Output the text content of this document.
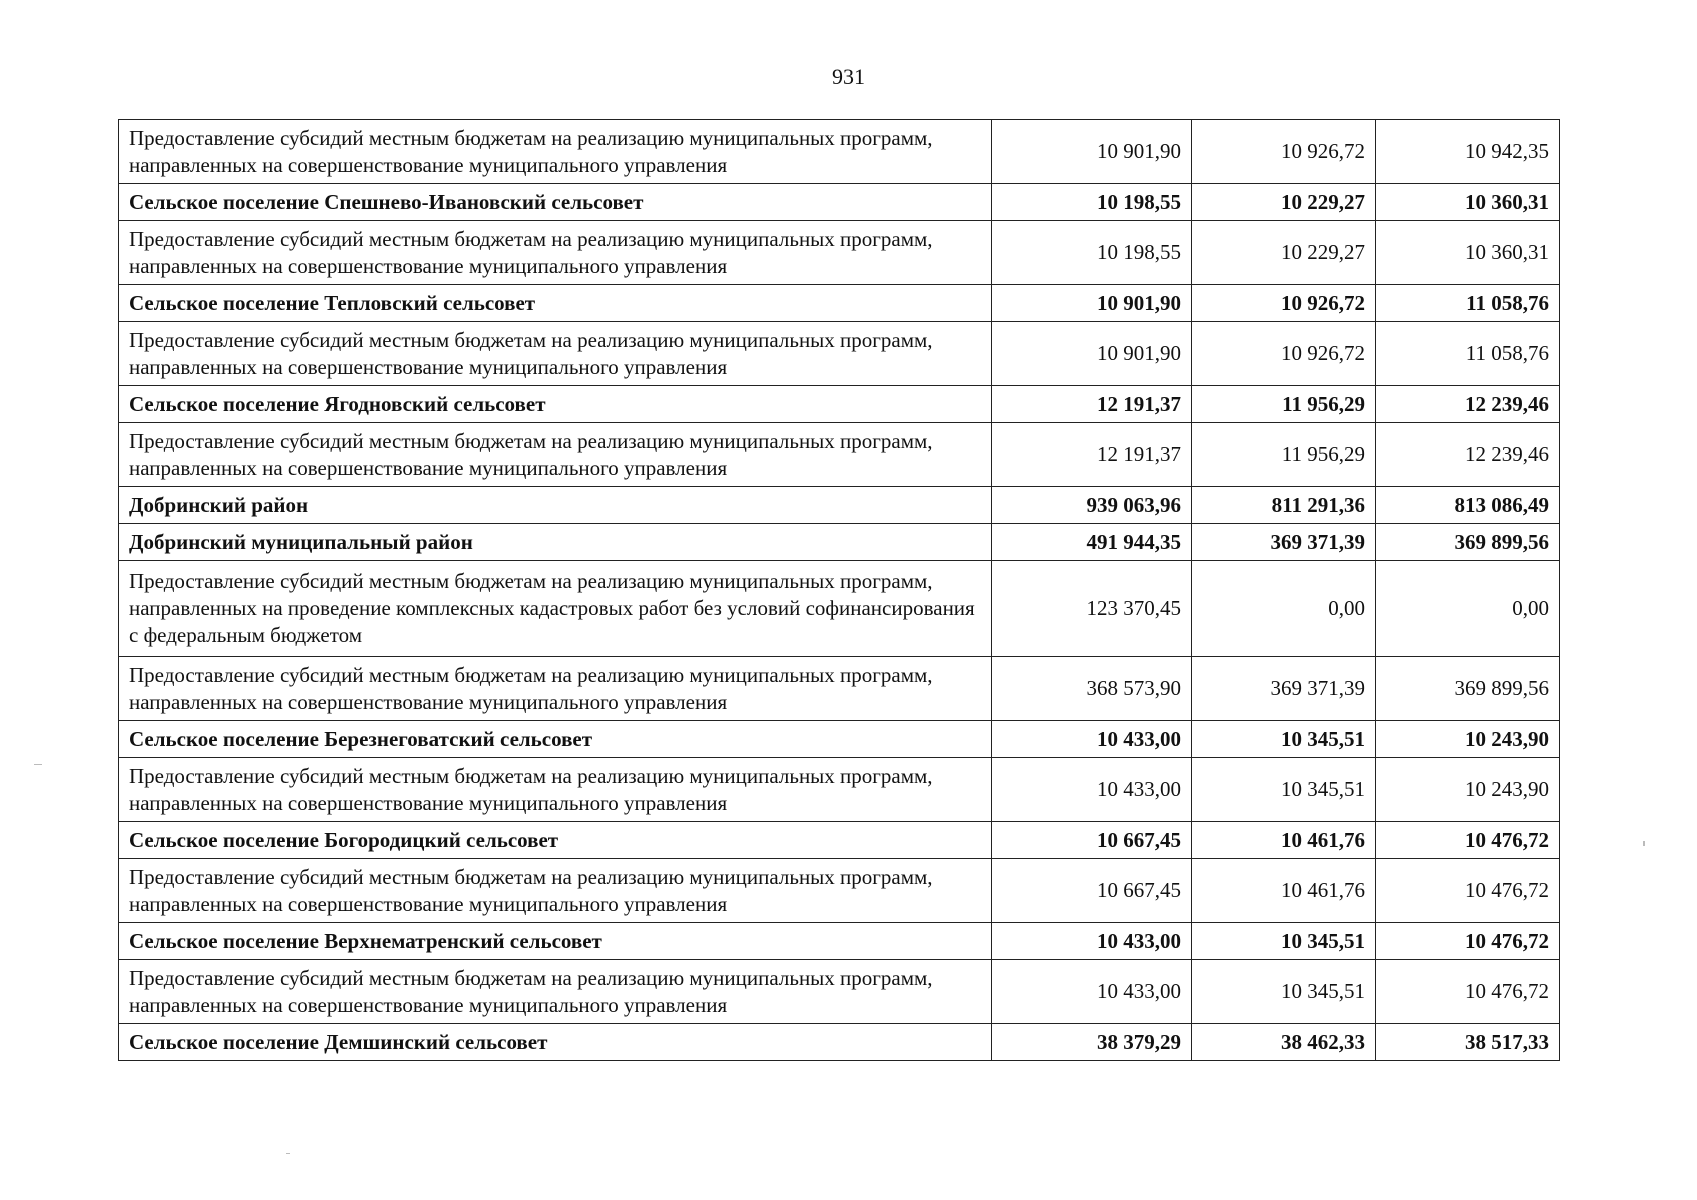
931
Предоставление субсидий местным бюджетам на реализацию муниципальных программ, направленных на совершенствование муниципального управления	10 901,90	10 926,72	10 942,35
Сельское поселение Спешнево-Ивановский сельсовет	10 198,55	10 229,27	10 360,31
Предоставление субсидий местным бюджетам на реализацию муниципальных программ, направленных на совершенствование муниципального управления	10 198,55	10 229,27	10 360,31
Сельское поселение Тепловский сельсовет	10 901,90	10 926,72	11 058,76
Предоставление субсидий местным бюджетам на реализацию муниципальных программ, направленных на совершенствование муниципального управления	10 901,90	10 926,72	11 058,76
Сельское поселение Ягодновский сельсовет	12 191,37	11 956,29	12 239,46
Предоставление субсидий местным бюджетам на реализацию муниципальных программ, направленных на совершенствование муниципального управления	12 191,37	11 956,29	12 239,46
Добринский район	939 063,96	811 291,36	813 086,49
Добринский муниципальный район	491 944,35	369 371,39	369 899,56
Предоставление субсидий местным бюджетам на реализацию муниципальных программ, направленных на проведение комплексных кадастровых работ без условий софинансирования с федеральным бюджетом	123 370,45	0,00	0,00
Предоставление субсидий местным бюджетам на реализацию муниципальных программ, направленных на совершенствование муниципального управления	368 573,90	369 371,39	369 899,56
Сельское поселение Березнеговатский сельсовет	10 433,00	10 345,51	10 243,90
Предоставление субсидий местным бюджетам на реализацию муниципальных программ, направленных на совершенствование муниципального управления	10 433,00	10 345,51	10 243,90
Сельское поселение Богородицкий сельсовет	10 667,45	10 461,76	10 476,72
Предоставление субсидий местным бюджетам на реализацию муниципальных программ, направленных на совершенствование муниципального управления	10 667,45	10 461,76	10 476,72
Сельское поселение Верхнематренский сельсовет	10 433,00	10 345,51	10 476,72
Предоставление субсидий местным бюджетам на реализацию муниципальных программ, направленных на совершенствование муниципального управления	10 433,00	10 345,51	10 476,72
Сельское поселение Демшинский сельсовет	38 379,29	38 462,33	38 517,33
